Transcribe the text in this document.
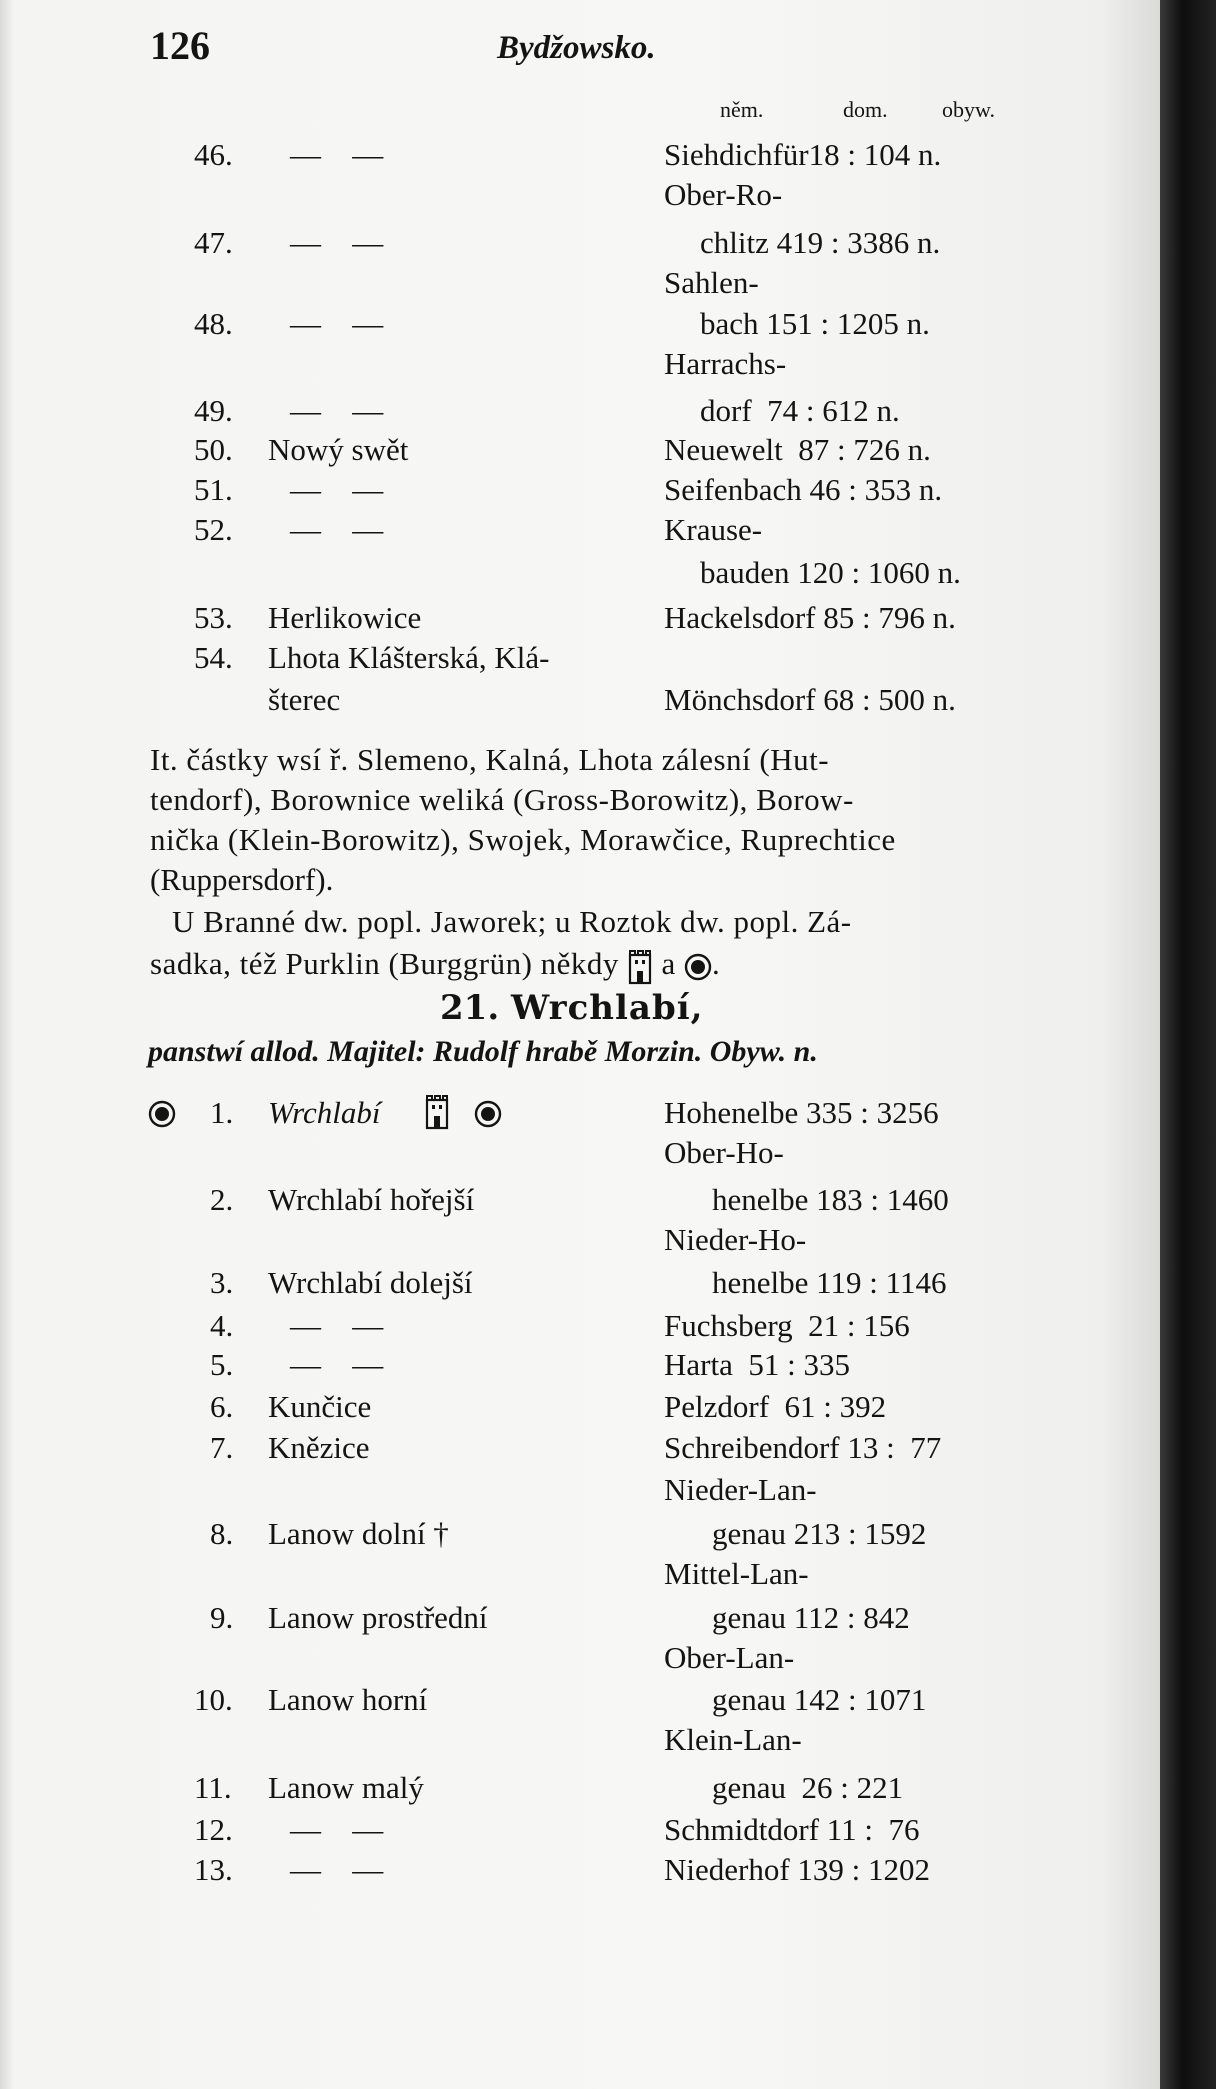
126	Bydžowsko.
něm.	dom. obyw.
46. —   —	Siehdichfür18 : 104 n.
Ober-Ro-
47. —   —	chlitz 419 : 3386 n.
Sahlen-
48. —   —	bach 151 : 1205 n.
Harrachs-
49. —   —	dorf  74 : 612 n.
50. Nowý swět	Neuewelt  87 : 726 n.
51. —   —	Seifenbach 46 : 353 n.
52. —   —	Krause-
bauden 120 : 1060 n.
53. Herlikowice	Hackelsdorf 85 : 796 n.
54. Lhota Klášterská, Klá-
šterec	Mönchsdorf 68 : 500 n.
It. částky wsí ř. Slemeno, Kalná, Lhota zálesní (Hut-
tendorf), Borownice weliká (Gross-Borowitz), Borow-
nička (Klein-Borowitz), Swojek, Morawčice, Ruprechtice
(Ruppersdorf).
U Branné dw. popl. Jaworek; u Roztok dw. popl. Zá-
sadka, též Purklin (Burggrün) někdy a .
21. Wrchlabí,
panstwí allod. Majitel: Rudolf hrabě Morzin. Obyw. n.
1. Wrchlabí	Hohenelbe 335 : 3256
Ober-Ho-
2. Wrchlabí hořejší	henelbe 183 : 1460
Nieder-Ho-
3. Wrchlabí dolejší	henelbe 119 : 1146
4. —   —	Fuchsberg  21 : 156
5. —   —	Harta  51 : 335
6. Kunčice	Pelzdorf  61 : 392
7. Knězice	Schreibendorf 13 :  77
Nieder-Lan-
8. Lanow dolní †	genau 213 : 1592
Mittel-Lan-
9. Lanow prostřední	genau 112 : 842
Ober-Lan-
10. Lanow horní	genau 142 : 1071
Klein-Lan-
11. Lanow malý	genau  26 : 221
12. —   —	Schmidtdorf 11 :  76
13. —   —	Niederhof 139 : 1202
